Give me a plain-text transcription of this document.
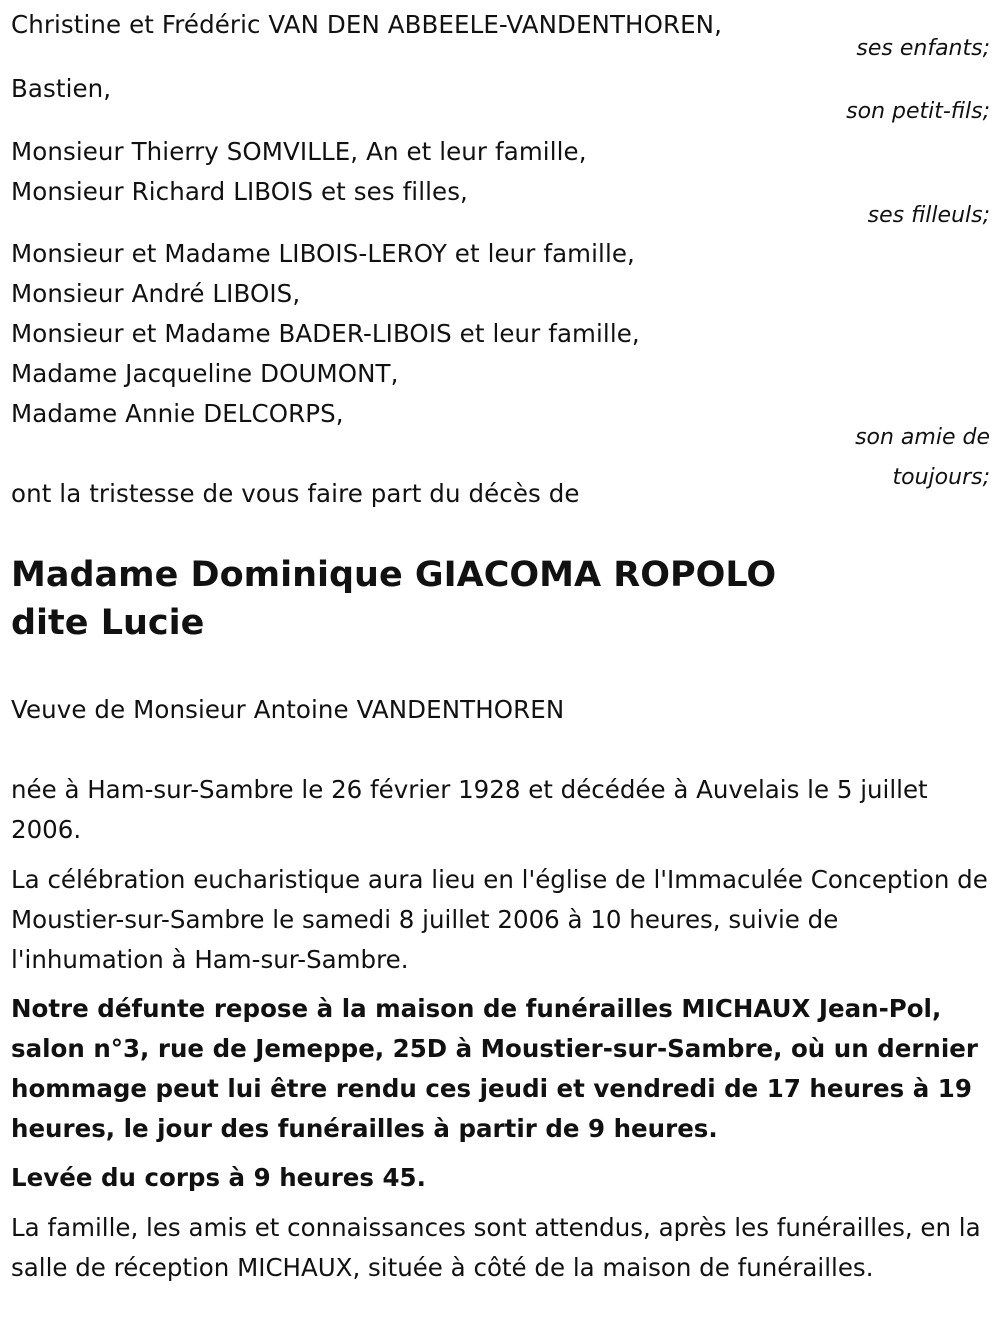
Christine et Frédéric VAN DEN ABBEELE-VANDENTHOREN,
ses enfants;
Bastien,
son petit-fils;
Monsieur Thierry SOMVILLE, An et leur famille,
Monsieur Richard LIBOIS et ses filles,
ses filleuls;
Monsieur et Madame LIBOIS-LEROY et leur famille,
Monsieur André LIBOIS,
Monsieur et Madame BADER-LIBOIS et leur famille,
Madame Jacqueline DOUMONT,
Madame Annie DELCORPS,
son amie de
toujours;
ont la tristesse de vous faire part du décès de
Madame Dominique GIACOMA ROPOLO
dite Lucie
Veuve de Monsieur Antoine VANDENTHOREN
née à Ham-sur-Sambre le 26 février 1928 et décédée à Auvelais le 5 juillet 2006.
La célébration eucharistique aura lieu en l'église de l'Immaculée Conception de Moustier-sur-Sambre le samedi 8 juillet 2006 à 10 heures, suivie de l'inhumation à Ham-sur-Sambre.
Notre défunte repose à la maison de funérailles MICHAUX Jean-Pol, salon n°3, rue de Jemeppe, 25D à Moustier-sur-Sambre, où un dernier hommage peut lui être rendu ces jeudi et vendredi de 17 heures à 19 heures, le jour des funérailles à partir de 9 heures.
Levée du corps à 9 heures 45.
La famille, les amis et connaissances sont attendus, après les funérailles, en la salle de réception MICHAUX, située à côté de la maison de funérailles.
